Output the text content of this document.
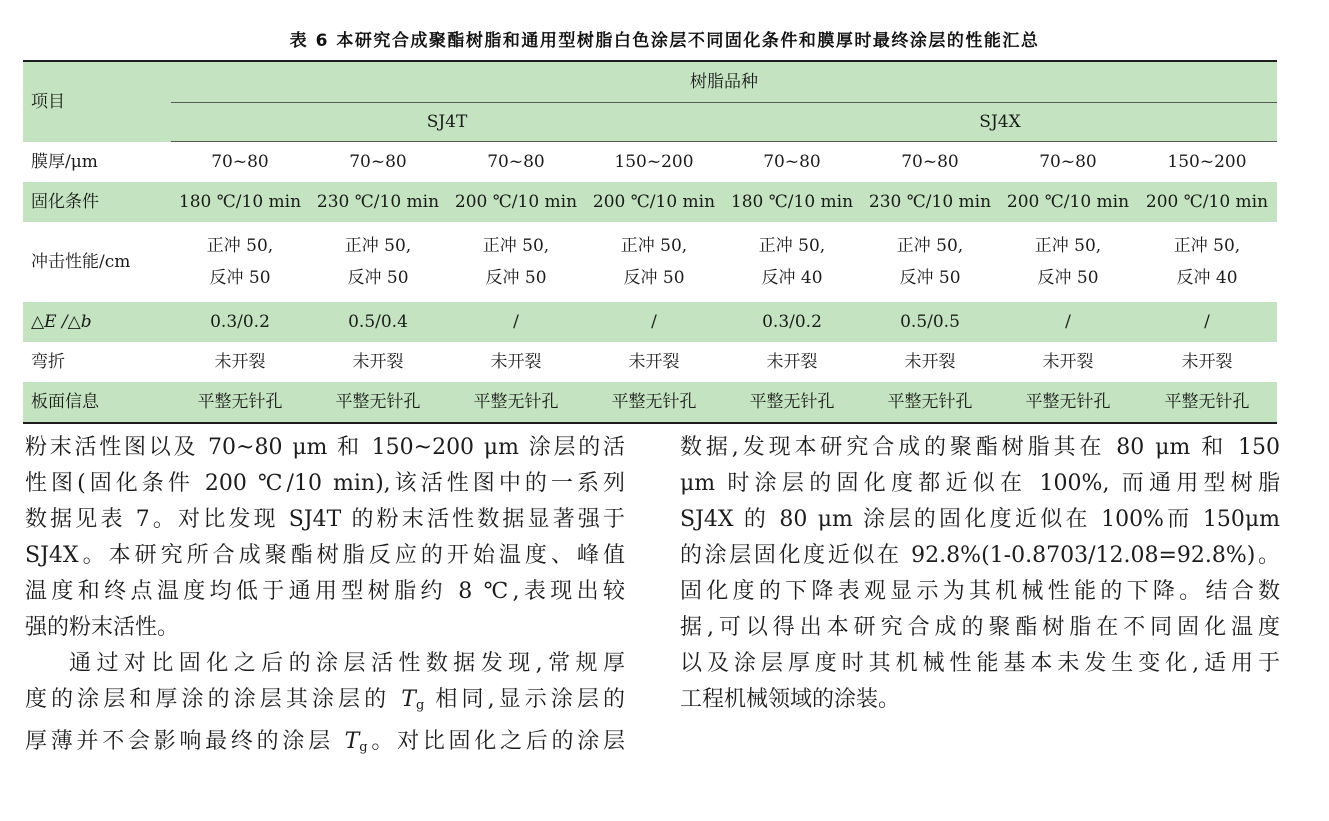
表 6 本研究合成聚酯树脂和通用型树脂白色涂层不同固化条件和膜厚时最终涂层的性能汇总
项目	树脂品种							
	SJ4T				SJ4X			
膜厚/μm	70~80	70~80	70~80	150~200	70~80	70~80	70~80	150~200
固化条件	180 ℃/10 min	230 ℃/10 min	200 ℃/10 min	200 ℃/10 min	180 ℃/10 min	230 ℃/10 min	200 ℃/10 min	200 ℃/10 min
冲击性能/cm	正冲 50,
反冲 50	正冲 50,
反冲 50	正冲 50,
反冲 50	正冲 50,
反冲 50	正冲 50,
反冲 40	正冲 50,
反冲 50	正冲 50,
反冲 50	正冲 50,
反冲 40

△E /△b	0.3/0.2	0.5/0.4	/	/	0.3/0.2	0.5/0.5	/	/
弯折	未开裂	未开裂	未开裂	未开裂	未开裂	未开裂	未开裂	未开裂
板面信息	平整无针孔	平整无针孔	平整无针孔	平整无针孔	平整无针孔	平整无针孔	平整无针孔	平整无针孔

粉末活性图以及 70~80 μm 和 150~200 μm 涂层的活
性图(固化条件 200 ℃/10 min),该活性图中的一系列
数据见表 7。对比发现 SJ4T 的粉末活性数据显著强于
SJ4X。本研究所合成聚酯树脂反应的开始温度、峰值
温度和终点温度均低于通用型树脂约 8 ℃,表现出较
强的粉末活性。

通过对比固化之后的涂层活性数据发现,常规厚
度的涂层和厚涂的涂层其涂层的 $T_g$ 相同,显示涂层的
厚薄并不会影响最终的涂层 $T_g$。对比固化之后的涂层

数据,发现本研究合成的聚酯树脂其在 80 μm 和 150
μm 时涂层的固化度都近似在 100%, 而通用型树脂
SJ4X 的 80 μm 涂层的固化度近似在 100%而 150μm
的涂层固化度近似在 92.8%(1-0.8703/12.08=92.8%)。
固化度的下降表观显示为其机械性能的下降。结合数
据,可以得出本研究合成的聚酯树脂在不同固化温度
以及涂层厚度时其机械性能基本未发生变化,适用于
工程机械领域的涂装。
